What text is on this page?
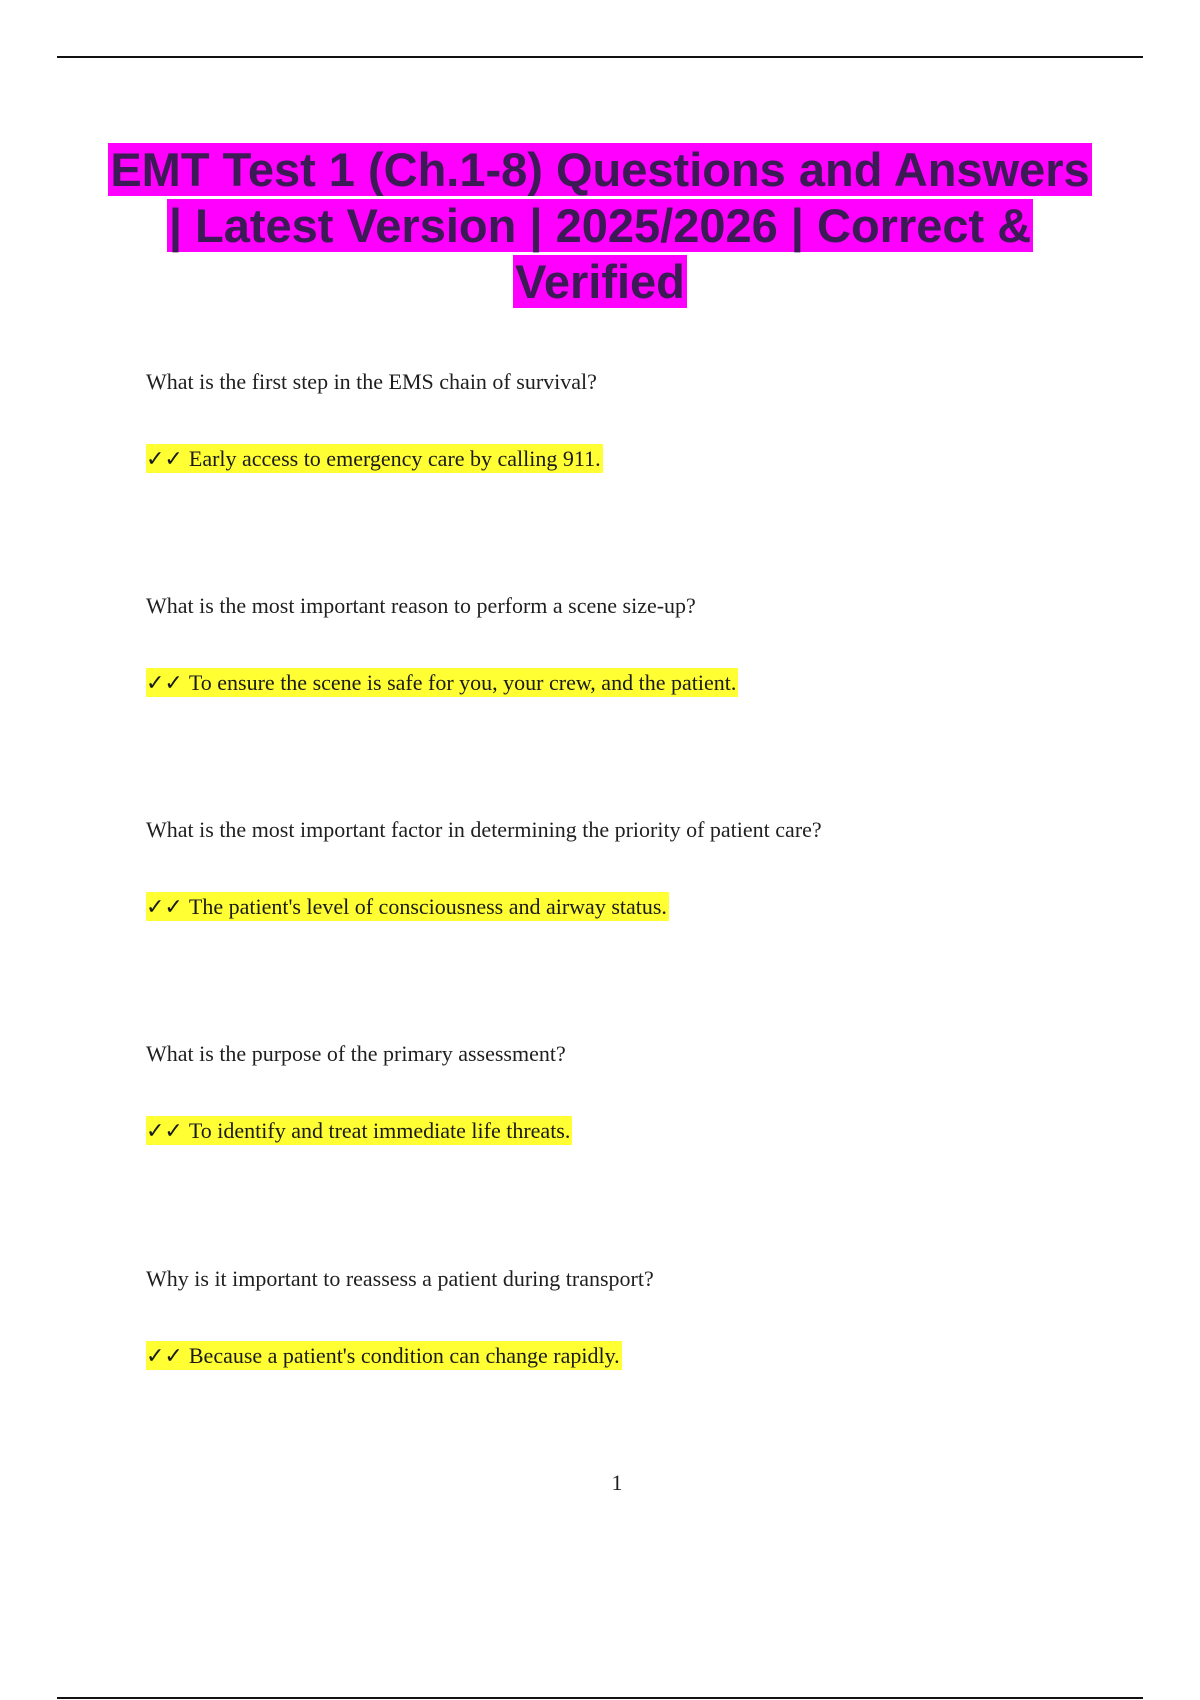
EMT Test 1 (Ch.1-8) Questions and Answers | Latest Version | 2025/2026 | Correct & Verified

What is the first step in the EMS chain of survival?

✓✓ Early access to emergency care by calling 911.

What is the most important reason to perform a scene size-up?

✓✓ To ensure the scene is safe for you, your crew, and the patient.

What is the most important factor in determining the priority of patient care?

✓✓ The patient's level of consciousness and airway status.

What is the purpose of the primary assessment?

✓✓ To identify and treat immediate life threats.

Why is it important to reassess a patient during transport?

✓✓ Because a patient's condition can change rapidly.
1
